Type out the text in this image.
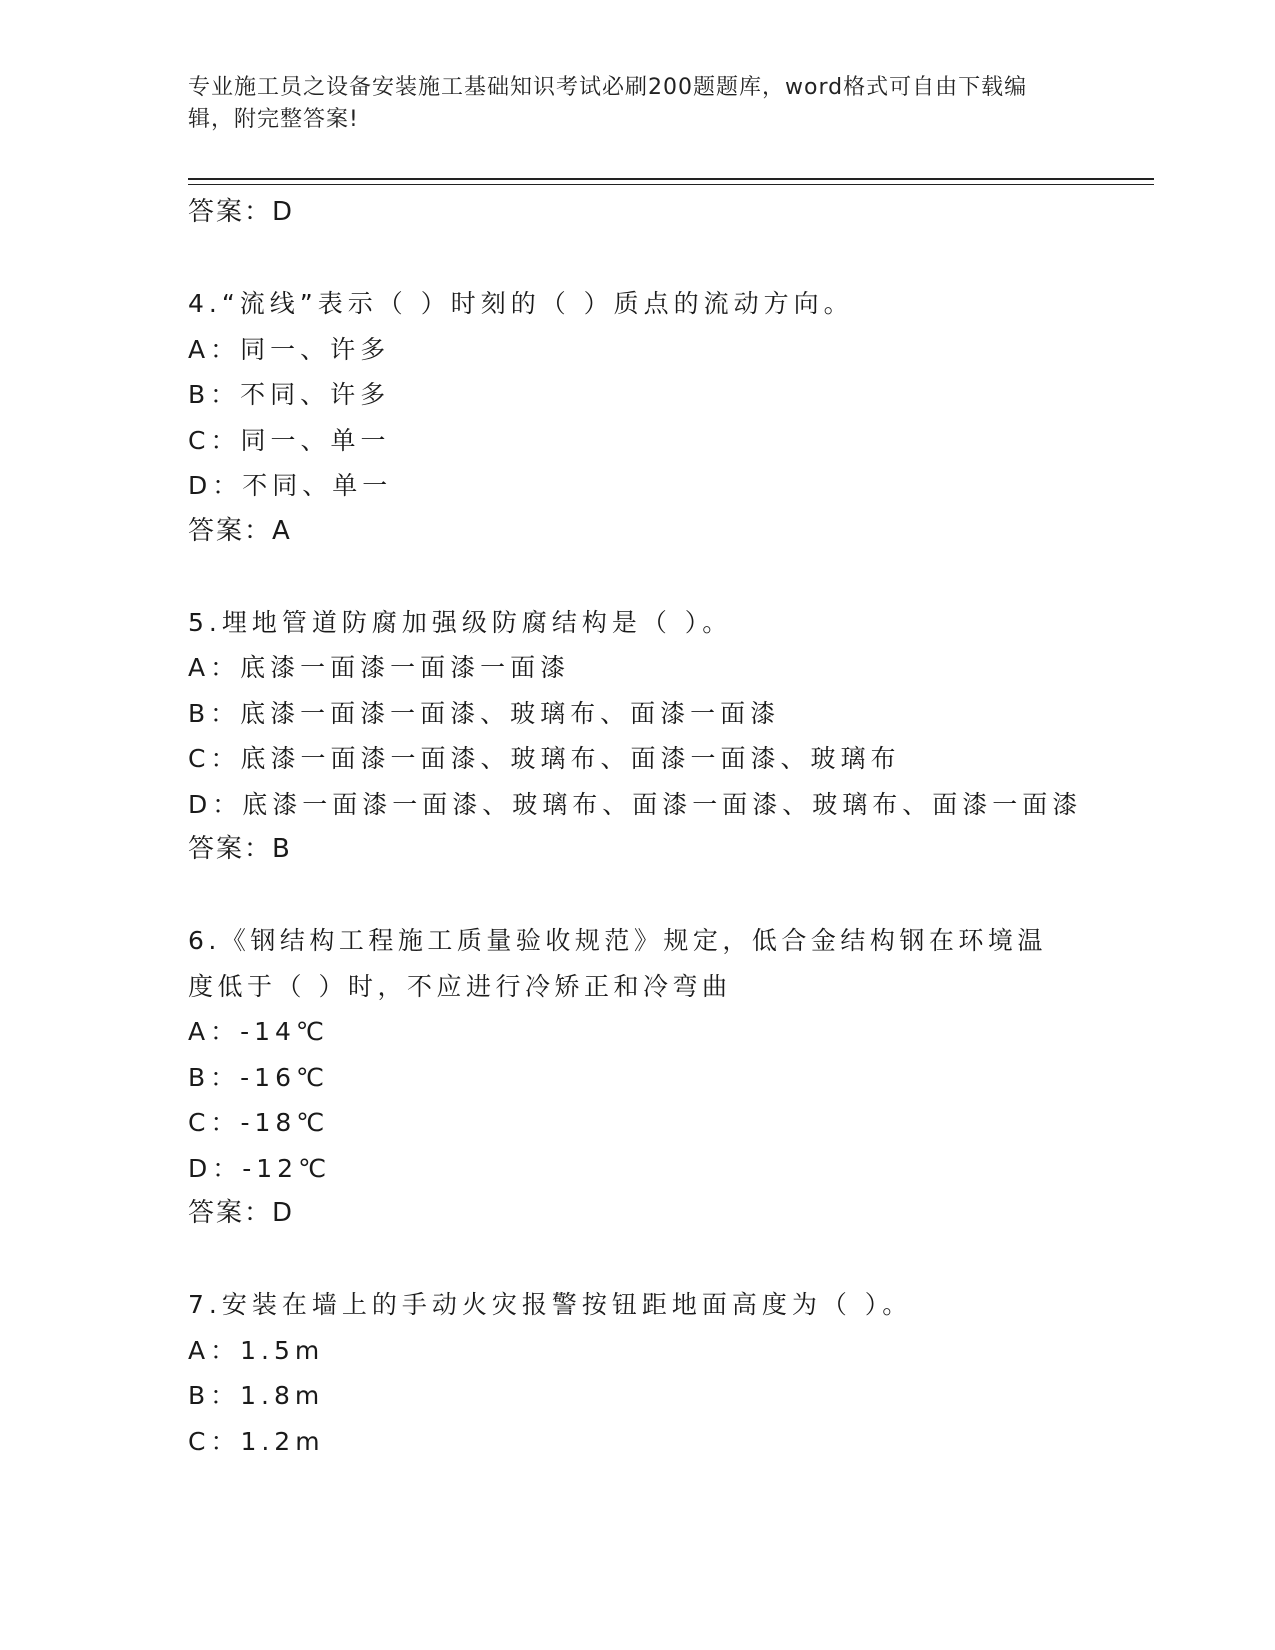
专业施工员之设备安装施工基础知识考试必刷200题题库，word格式可自由下载编辑，附完整答案!
答案：D
4.“流线”表示（ ）时刻的（ ）质点的流动方向。
A：同一、许多
B：不同、许多
C：同一、单一
D：不同、单一
答案：A
5.埋地管道防腐加强级防腐结构是（ ）。
A：底漆一面漆一面漆一面漆
B：底漆一面漆一面漆、玻璃布、面漆一面漆
C：底漆一面漆一面漆、玻璃布、面漆一面漆、玻璃布
D：底漆一面漆一面漆、玻璃布、面漆一面漆、玻璃布、面漆一面漆
答案：B
6.《钢结构工程施工质量验收规范》规定，低合金结构钢在环境温度低于（ ）时，不应进行冷矫正和冷弯曲
A：-14℃
B：-16℃
C：-18℃
D：-12℃
答案：D
7.安装在墙上的手动火灾报警按钮距地面高度为（ ）。
A：1.5m
B：1.8m
C：1.2m
